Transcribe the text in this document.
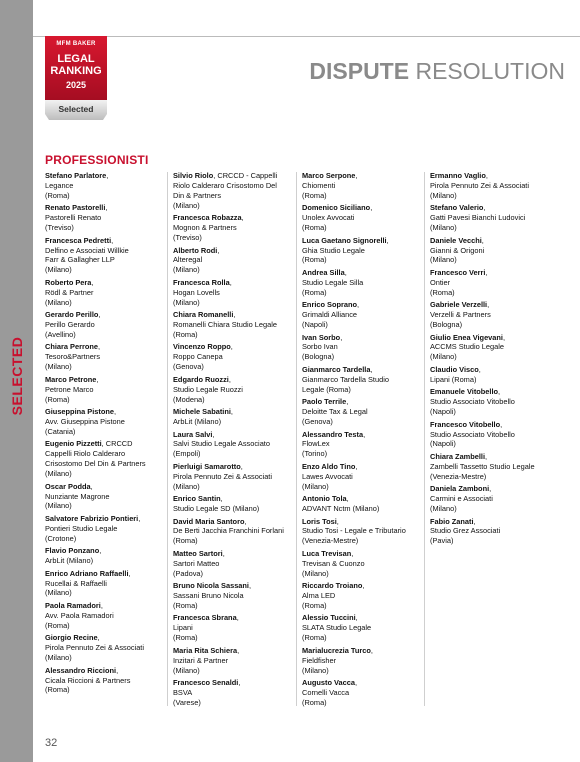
SELECTED
MFM BAKER
LEGAL
RANKING
2025
Selected
DISPUTE RESOLUTION
PROFESSIONISTI
Stefano Parlatore,
Legance
(Roma)
Renato Pastorelli,
Pastorelli Renato
(Treviso)
Francesca Pedretti,
Delfino e Associati Willkie
Farr & Gallagher LLP
(Milano)
Roberto Pera,
Rödl & Partner
(Milano)
Gerardo Perillo,
Perillo Gerardo
(Avellino)
Chiara Perrone,
Tesoro&Partners
(Milano)
Marco Petrone,
Petrone Marco
(Roma)
Giuseppina Pistone,
Avv. Giuseppina Pistone
(Catania)
Eugenio Pizzetti, CRCCD
Cappelli Riolo Calderaro
Crisostomo Del Din & Partners
(Milano)
Oscar Podda,
Nunziante Magrone
(Milano)
Salvatore Fabrizio Pontieri,
Pontieri Studio Legale
(Crotone)
Flavio Ponzano,
ArbLit (Milano)
Enrico Adriano Raffaelli,
Rucellai & Raffaelli
(Milano)
Paola Ramadori,
Avv. Paola Ramadori
(Roma)
Giorgio Recine,
Pirola Pennuto Zei & Associati
(Milano)
Alessandro Riccioni,
Cicala Riccioni & Partners
(Roma)
Silvio Riolo, CRCCD - Cappelli
Riolo Calderaro Crisostomo Del
Din & Partners
(Milano)
Francesca Robazza,
Mognon & Partners
(Treviso)
Alberto Rodi,
Alteregal
(Milano)
Francesca Rolla,
Hogan Lovells
(Milano)
Chiara Romanelli,
Romanelli Chiara Studio Legale
(Roma)
Vincenzo Roppo,
Roppo Canepa
(Genova)
Edgardo Ruozzi,
Studio Legale Ruozzi
(Modena)
Michele Sabatini,
ArbLit (Milano)
Laura Salvi,
Salvi Studio Legale Associato
(Empoli)
Pierluigi Samarotto,
Pirola Pennuto Zei & Associati
(Milano)
Enrico Santin,
Studio Legale SD (Milano)
David Maria Santoro,
De Berti Jacchia Franchini Forlani
(Roma)
Matteo Sartori,
Sartori Matteo
(Padova)
Bruno Nicola Sassani,
Sassani Bruno Nicola
(Roma)
Francesca Sbrana,
Lipani
(Roma)
Maria Rita Schiera,
Inzitari & Partner
(Milano)
Francesco Senaldi,
BSVA
(Varese)
Marco Serpone,
Chiomenti
(Roma)
Domenico Siciliano,
Unolex Avvocati
(Roma)
Luca Gaetano Signorelli,
Ghia Studio Legale
(Roma)
Andrea Silla,
Studio Legale Silla
(Roma)
Enrico Soprano,
Grimaldi Alliance
(Napoli)
Ivan Sorbo,
Sorbo Ivan
(Bologna)
Gianmarco Tardella,
Gianmarco Tardella Studio
Legale (Roma)
Paolo Terrile,
Deloitte Tax & Legal
(Genova)
Alessandro Testa,
FlowLex
(Torino)
Enzo Aldo Tino,
Lawes Avvocati
(Milano)
Antonio Tola,
ADVANT Nctm (Milano)
Loris Tosi,
Studio Tosi - Legale e Tributario
(Venezia-Mestre)
Luca Trevisan,
Trevisan & Cuonzo
(Milano)
Riccardo Troiano,
Alma LED
(Roma)
Alessio Tuccini,
SLATA Studio Legale
(Roma)
Marialucrezia Turco,
Fieldfisher
(Milano)
Augusto Vacca,
Cornelli Vacca
(Roma)
Ermanno Vaglio,
Pirola Pennuto Zei & Associati
(Milano)
Stefano Valerio,
Gatti Pavesi Bianchi Ludovici
(Milano)
Daniele Vecchi,
Gianni & Origoni
(Milano)
Francesco Verri,
Ontier
(Roma)
Gabriele Verzelli,
Verzelli & Partners
(Bologna)
Giulio Enea Vigevani,
ACCMS Studio Legale
(Milano)
Claudio Visco,
Lipani (Roma)
Emanuele Vitobello,
Studio Associato Vitobello
(Napoli)
Francesco Vitobello,
Studio Associato Vitobello
(Napoli)
Chiara Zambelli,
Zambelli Tassetto Studio Legale
(Venezia-Mestre)
Daniela Zamboni,
Carmini e Associati
(Milano)
Fabio Zanati,
Studio Grez Associati
(Pavia)
32
